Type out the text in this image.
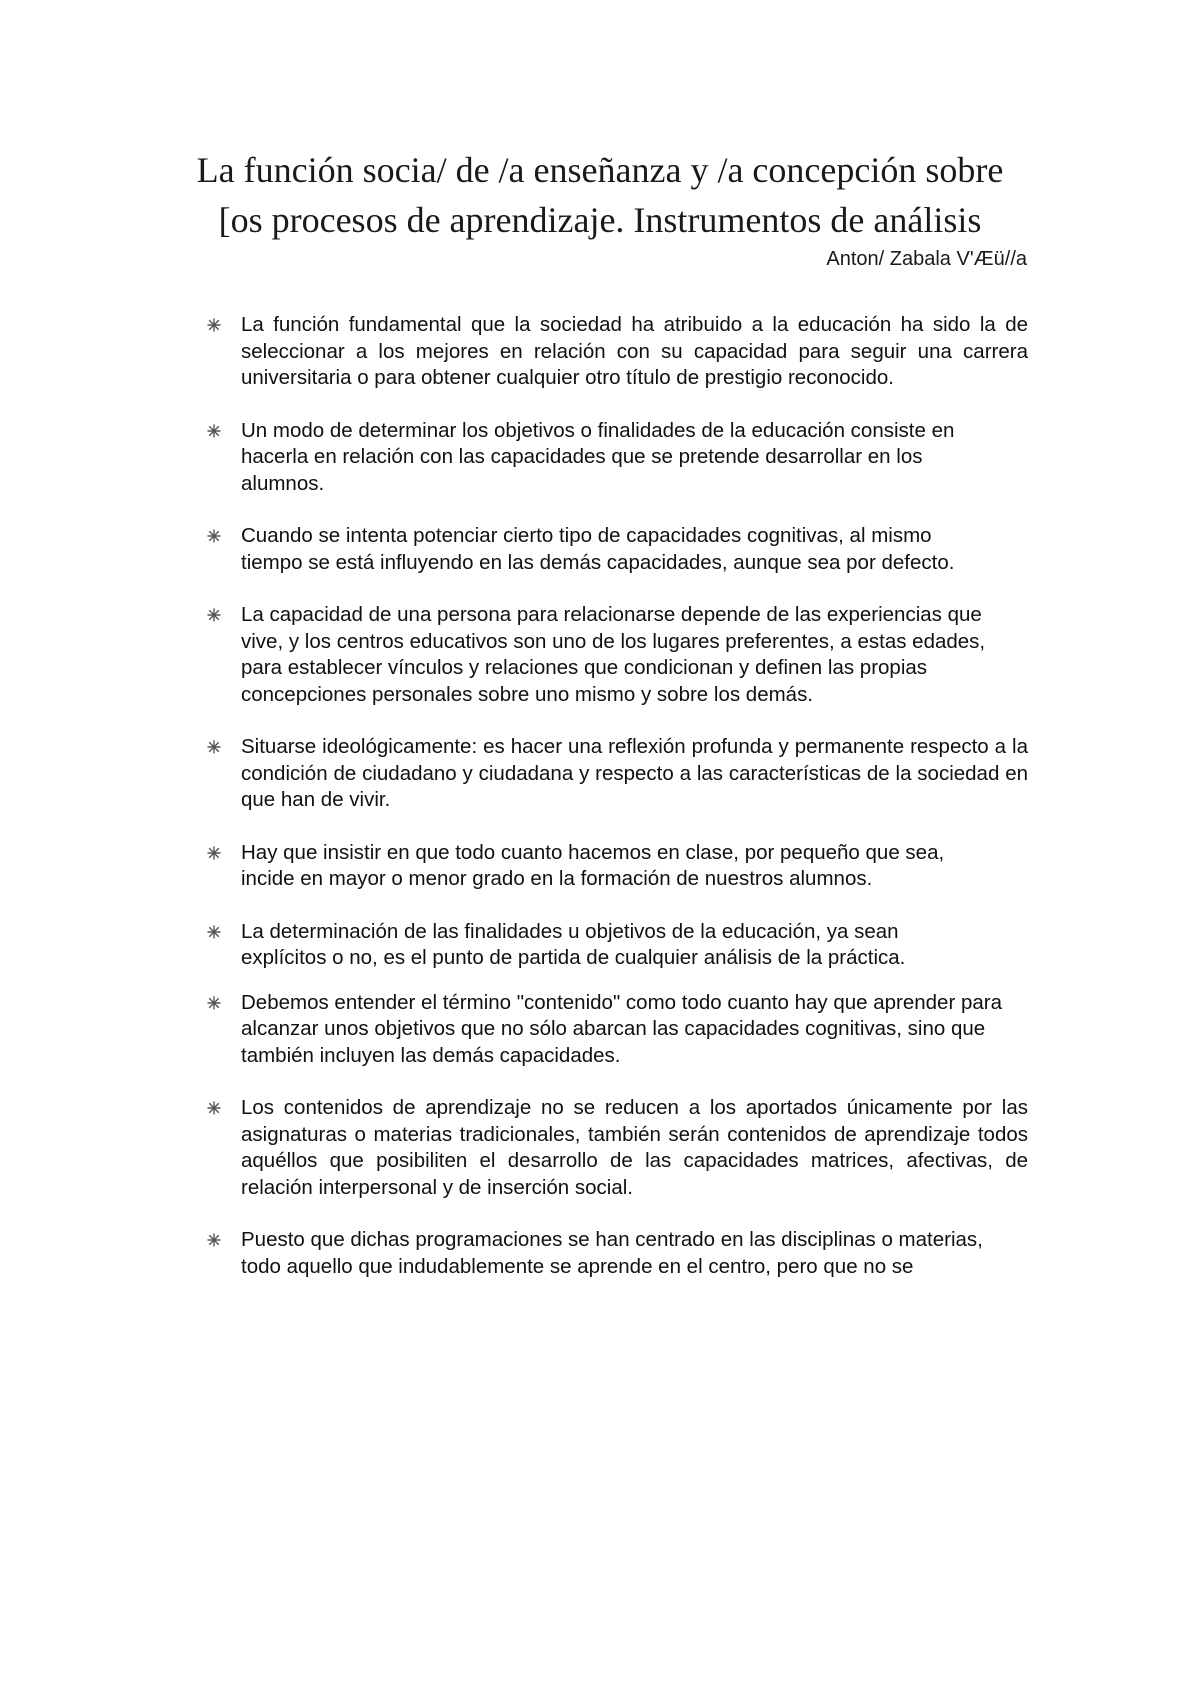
La función socia/ de /a enseñanza y /a concepción sobre
[os procesos de aprendizaje. Instrumentos de análisis
Anton/ Zabala V'Æü//a
La función fundamental que la sociedad ha atribuido a la educación ha sido la de seleccionar a los mejores en relación con su capacidad para seguir una carrera universitaria o para obtener cualquier otro título de prestigio reconocido.
Un modo de determinar los objetivos o finalidades de la educación consiste en hacerla en relación con las capacidades que se pretende desarrollar en los alumnos.
Cuando se intenta potenciar cierto tipo de capacidades cognitivas, al mismo tiempo se está influyendo en las demás capacidades, aunque sea por defecto.
La capacidad de una persona para relacionarse depende de las experiencias que vive, y los centros educativos son uno de los lugares preferentes, a estas edades, para establecer vínculos y relaciones que condicionan y definen las propias concepciones personales sobre uno mismo y sobre los demás.
Situarse ideológicamente: es hacer una reflexión profunda y permanente respecto a la condición de ciudadano y ciudadana y respecto a las características de la sociedad en que han de vivir.
Hay que insistir en que todo cuanto hacemos en clase, por pequeño que sea, incide en mayor o menor grado en la formación de nuestros alumnos.
La determinación de las finalidades u objetivos de la educación, ya sean explícitos o no, es el punto de partida de cualquier análisis de la práctica.
Debemos entender el término "contenido" como todo cuanto hay que aprender para alcanzar unos objetivos que no sólo abarcan las capacidades cognitivas, sino que también incluyen las demás capacidades.
Los contenidos de aprendizaje no se reducen a los aportados únicamente por las asignaturas o materias tradicionales, también serán contenidos de aprendizaje todos aquéllos que posibiliten el desarrollo de las capacidades matrices, afectivas, de relación interpersonal y de inserción social.
Puesto que dichas programaciones se han centrado en las disciplinas o materias, todo aquello que indudablemente se aprende en el centro, pero que no se
